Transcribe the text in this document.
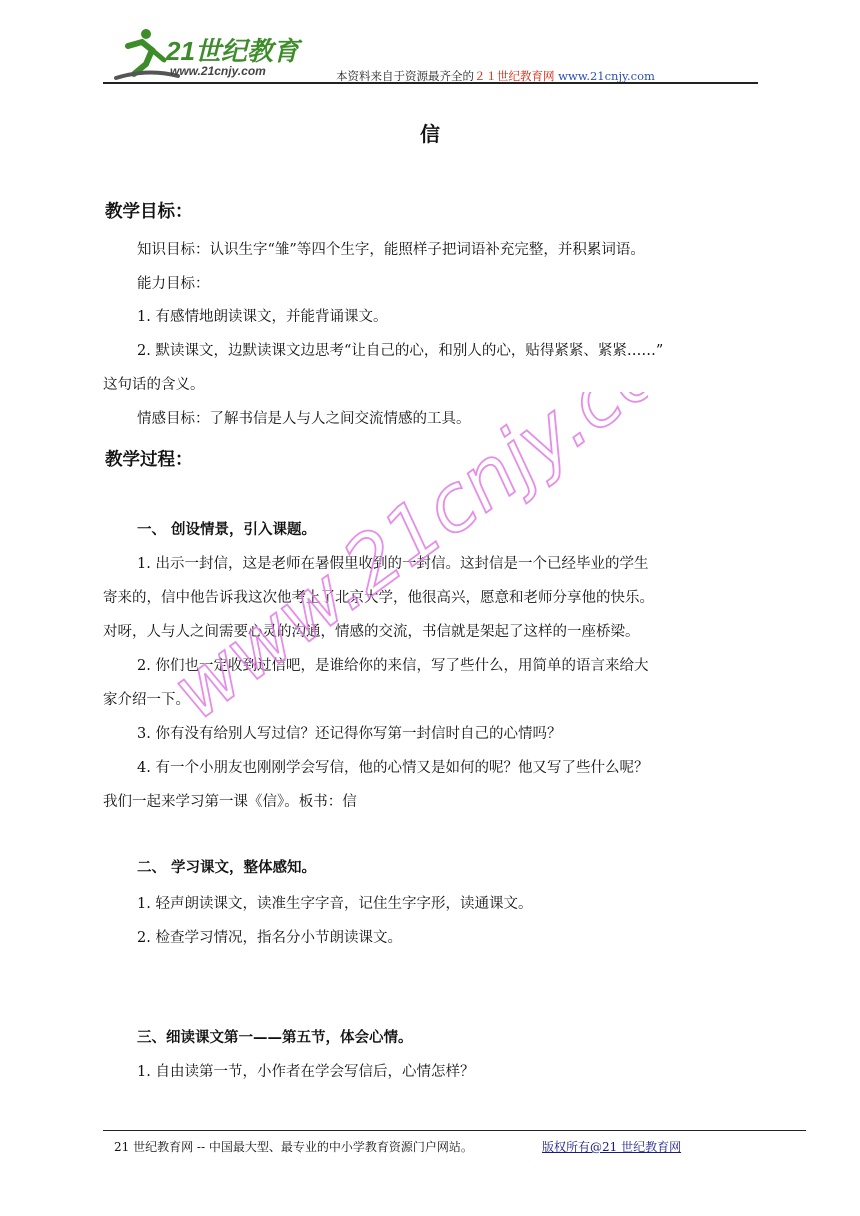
21世纪教育
www.21cnjy.com	本资料来自于资源最齐全的２１世纪教育网 www.21cnjy.com
信
教学目标：
知识目标：认识生字“雏”等四个生字，能照样子把词语补充完整，并积累词语。
能力目标：
1. 有感情地朗读课文，并能背诵课文。
2. 默读课文，边默读课文边思考“让自己的心，和别人的心，贴得紧紧、紧紧……”
这句话的含义。
情感目标：了解书信是人与人之间交流情感的工具。
教学过程：
一、 创设情景，引入课题。
1. 出示一封信，这是老师在暑假里收到的一封信。这封信是一个已经毕业的学生
寄来的，信中他告诉我这次他考上了北京大学，他很高兴，愿意和老师分享他的快乐。
对呀，人与人之间需要心灵的沟通，情感的交流，书信就是架起了这样的一座桥梁。
2. 你们也一定收到过信吧，是谁给你的来信，写了些什么，用简单的语言来给大
家介绍一下。
3. 你有没有给别人写过信？还记得你写第一封信时自己的心情吗？
4. 有一个小朋友也刚刚学会写信，他的心情又是如何的呢？他又写了些什么呢？
我们一起来学习第一课《信》。板书：信
二、 学习课文，整体感知。
1. 轻声朗读课文，读准生字字音，记住生字字形，读通课文。
2. 检查学习情况，指名分小节朗读课文。
三、细读课文第一——第五节，体会心情。
1. 自由读第一节，小作者在学会写信后，心情怎样？
www.21cnjy.com
21 世纪教育网 -- 中国最大型、最专业的中小学教育资源门户网站。	版权所有@21 世纪教育网
